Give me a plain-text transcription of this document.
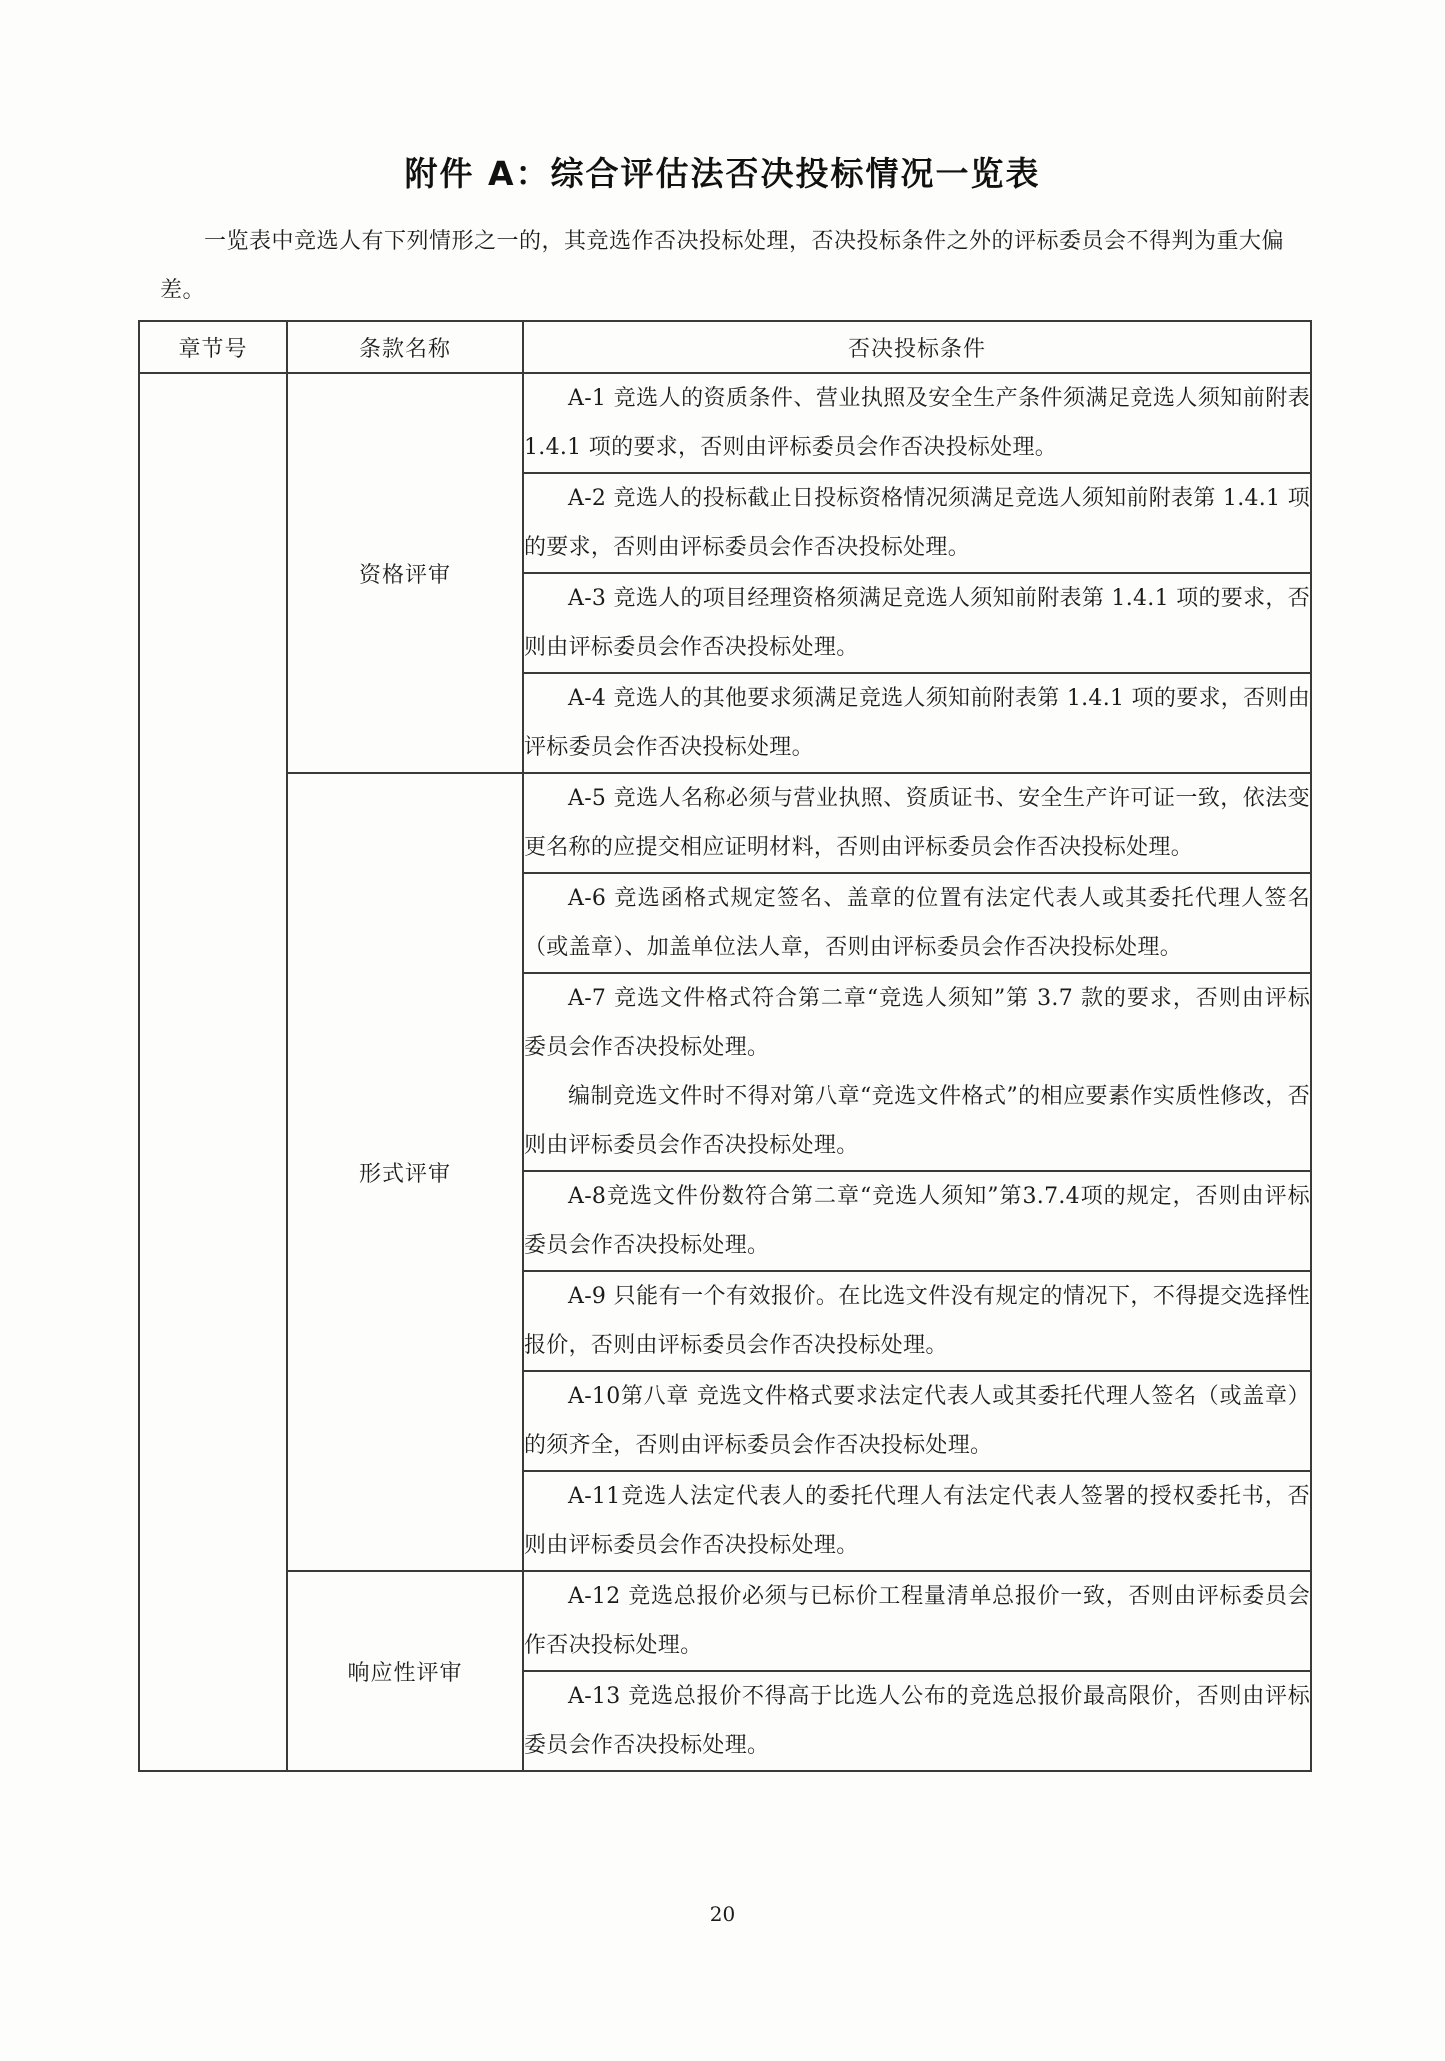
附件 A：综合评估法否决投标情况一览表
一览表中竞选人有下列情形之一的，其竞选作否决投标处理，否决投标条件之外的评标委员会不得判为重大偏差。
章节号	条款名称	否决投标条件
	资格评审	A-1 竞选人的资质条件、营业执照及安全生产条件须满足竞选人须知前附表 1.4.1 项的要求，否则由评标委员会作否决投标处理。

		A-2 竞选人的投标截止日投标资格情况须满足竞选人须知前附表第 1.4.1 项的要求，否则由评标委员会作否决投标处理。

		A-3 竞选人的项目经理资格须满足竞选人须知前附表第 1.4.1 项的要求，否则由评标委员会作否决投标处理。

		A-4 竞选人的其他要求须满足竞选人须知前附表第 1.4.1 项的要求，否则由评标委员会作否决投标处理。

	形式评审	A-5 竞选人名称必须与营业执照、资质证书、安全生产许可证一致，依法变更名称的应提交相应证明材料，否则由评标委员会作否决投标处理。

		A-6 竞选函格式规定签名、盖章的位置有法定代表人或其委托代理人签名（或盖章）、加盖单位法人章，否则由评标委员会作否决投标处理。

		A-7 竞选文件格式符合第二章“竞选人须知”第 3.7 款的要求，否则由评标委员会作否决投标处理。

编制竞选文件时不得对第八章“竞选文件格式”的相应要素作实质性修改，否则由评标委员会作否决投标处理。

		A-8竞选文件份数符合第二章“竞选人须知”第3.7.4项的规定，否则由评标委员会作否决投标处理。

		A-9 只能有一个有效报价。在比选文件没有规定的情况下，不得提交选择性报价，否则由评标委员会作否决投标处理。

		A-10第八章 竞选文件格式要求法定代表人或其委托代理人签名（或盖章）的须齐全，否则由评标委员会作否决投标处理。

		A-11竞选人法定代表人的委托代理人有法定代表人签署的授权委托书，否则由评标委员会作否决投标处理。

	响应性评审	A-12 竞选总报价必须与已标价工程量清单总报价一致，否则由评标委员会作否决投标处理。

		A-13 竞选总报价不得高于比选人公布的竞选总报价最高限价，否则由评标委员会作否决投标处理。

20
